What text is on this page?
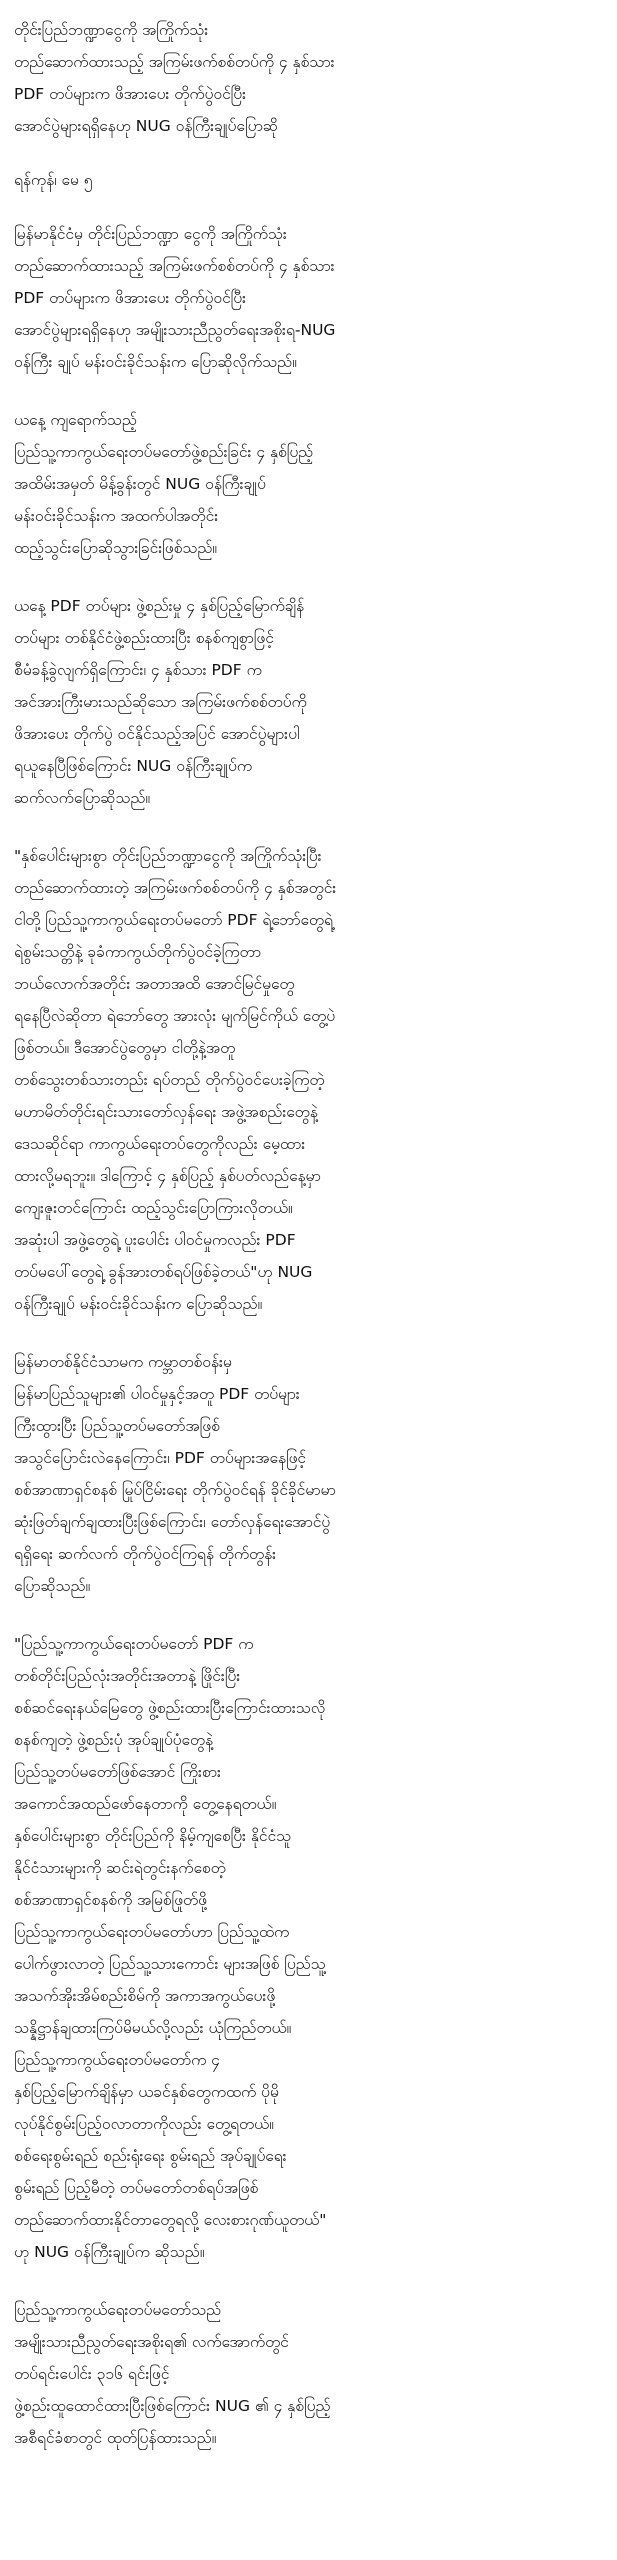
တိုင်းပြည်ဘဏ္ဍာငွေကို အကြိုက်သုံး
တည်ဆောက်ထားသည့် အကြမ်းဖက်စစ်တပ်ကို ၄ နှစ်သား
PDF တပ်များက ဖိအားပေး တိုက်ပွဲဝင်ပြီး
အောင်ပွဲများရရှိနေဟု NUG ဝန်ကြီးချုပ်ပြောဆို

ရန်ကုန်၊ မေ ၅

မြန်မာနိုင်ငံမှ တိုင်းပြည်ဘဏ္ဍာ ငွေကို အကြိုက်သုံး
တည်ဆောက်ထားသည့် အကြမ်းဖက်စစ်တပ်ကို ၄ နှစ်သား
PDF တပ်များက ဖိအားပေး တိုက်ပွဲဝင်ပြီး
အောင်ပွဲများရရှိနေဟု အမျိုးသားညီညွတ်ရေးအစိုးရ-NUG
ဝန်ကြီး ချုပ် မန်းဝင်းခိုင်သန်းက ပြောဆိုလိုက်သည်။

ယနေ့ ကျရောက်သည့်
ပြည်သူ့ကာကွယ်ရေးတပ်မတော်ဖွဲ့စည်းခြင်း ၄ နှစ်ပြည့်
အထိမ်းအမှတ် မိန့်ခွန်းတွင် NUG ဝန်ကြီးချုပ်
မန်းဝင်းခိုင်သန်းက အထက်ပါအတိုင်း
ထည့်သွင်းပြောဆိုသွားခြင်းဖြစ်သည်။

ယနေ့ PDF တပ်များ ဖွဲ့စည်းမှု ၄ နှစ်ပြည့်မြောက်ချိန်
တပ်များ တစ်နိုင်ငံဖွဲ့စည်းထားပြီး စနစ်ကျစွာဖြင့်
စီမံခန့်ခွဲလျက်ရှိကြောင်း၊ ၄ နှစ်သား PDF က
အင်အားကြီးမားသည်ဆိုသော အကြမ်းဖက်စစ်တပ်ကို
ဖိအားပေး တိုက်ပွဲ ဝင်နိုင်သည့်အပြင် အောင်ပွဲများပါ
ရယူနေပြီဖြစ်ကြောင်း NUG ဝန်ကြီးချုပ်က
ဆက်လက်ပြောဆိုသည်။

"နှစ်ပေါင်းများစွာ တိုင်းပြည်ဘဏ္ဍာငွေကို အကြိုက်သုံးပြီး
တည်ဆောက်ထားတဲ့ အကြမ်းဖက်စစ်တပ်ကို ၄ နှစ်အတွင်း
ငါတို့ ပြည်သူ့ကာကွယ်ရေးတပ်မတော် PDF ရဲ့ဘော်တွေရဲ့
ရဲစွမ်းသတ္တိနဲ့ ခုခံကာကွယ်တိုက်ပွဲဝင်ခဲ့ကြတာ
ဘယ်လောက်အတိုင်း အတာအထိ အောင်မြင်မှုတွေ
ရနေပြီလဲဆိုတာ ရဲဘော်တွေ အားလုံး မျက်မြင်ကိုယ် တွေ့ပဲ
ဖြစ်တယ်။ ဒီအောင်ပွဲတွေမှာ ငါတို့နဲ့အတူ
တစ်သွေးတစ်သားတည်း ရပ်တည် တိုက်ပွဲဝင်ပေးခဲ့ကြတဲ့
မဟာမိတ်တိုင်းရင်းသားတော်လှန်ရေး အဖွဲ့အစည်းတွေနဲ့
ဒေသဆိုင်ရာ ကာကွယ်ရေးတပ်တွေကိုလည်း မေ့ထား
ထားလို့မရဘူး။ ဒါကြောင့် ၄ နှစ်ပြည့် နှစ်ပတ်လည်နေ့မှာ
ကျေးဇူးတင်ကြောင်း ထည့်သွင်းပြောကြားလိုတယ်။
အဆုံးပါ အဖွဲ့တွေရဲ့ ပူးပေါင်း ပါဝင်မှုကလည်း PDF
တပ်မပေါ်တွေရဲ့ ခွန်အားတစ်ရပ်ဖြစ်ခဲ့တယ်"ဟု NUG
ဝန်ကြီးချုပ် မန်းဝင်းခိုင်သန်းက ပြောဆိုသည်။

မြန်မာတစ်နိုင်ငံသာမက ကမ္ဘာတစ်ဝန်းမှ
မြန်မာပြည်သူများ၏ ပါဝင်မှုနှင့်အတူ PDF တပ်များ
ကြီးထွားပြီး ပြည်သူ့တပ်မတော်အဖြစ်
အသွင်ပြောင်းလဲနေကြောင်း၊ PDF တပ်များအနေဖြင့်
စစ်အာဏာရှင်စနစ် မြုပ်ငြိမ်းရေး တိုက်ပွဲဝင်ရန် ခိုင်ခိုင်မာမာ
ဆုံးဖြတ်ချက်ချထားပြီးဖြစ်ကြောင်း၊ တော်လှန်ရေးအောင်ပွဲ
ရရှိရေး ဆက်လက် တိုက်ပွဲဝင်ကြရန် တိုက်တွန်း
ပြောဆိုသည်။

"ပြည်သူ့ကာကွယ်ရေးတပ်မတော် PDF က
တစ်တိုင်းပြည်လုံးအတိုင်းအတာနဲ့ ဖြိုင်းပြီး
စစ်ဆင်ရေးနယ်မြေတွေ ဖွဲ့စည်းထားပြီးကြောင်းထားသလို
စနစ်ကျတဲ့ ဖွဲ့စည်းပုံ အုပ်ချုပ်ပုံတွေနဲ့
ပြည်သူ့တပ်မတော်ဖြစ်အောင် ကြိုးစား
အကောင်အထည်ဖော်နေတာကို တွေ့နေရတယ်။
နှစ်ပေါင်းများစွာ တိုင်းပြည်ကို နိမ့်ကျစေပြီး နိုင်ငံသူ
နိုင်ငံသားများကို ဆင်းရဲတွင်းနက်စေတဲ့
စစ်အာဏာရှင်စနစ်ကို အမြစ်ဖြုတ်ဖို့
ပြည်သူ့ကာကွယ်ရေးတပ်မတော်ဟာ ပြည်သူ့ထဲက
ပေါက်ဖွားလာတဲ့ ပြည်သူ့သားကောင်း များအဖြစ် ပြည်သူ့
အသက်အိုးအိမ်စည်းစိမ်ကို အကာအကွယ်ပေးဖို့
သန္နိဋ္ဌာန်ချထားကြပ်မိမယ်လို့လည်း ယုံကြည်တယ်။
ပြည်သူ့ကာကွယ်ရေးတပ်မတော်က ၄
နှစ်ပြည့်မြောက်ချိန်မှာ ယခင်နှစ်တွေကထက် ပိုမို
လုပ်နိုင်စွမ်းပြည့်ဝလာတာကိုလည်း တွေ့ရတယ်။
စစ်ရေးစွမ်းရည် စည်းရုံးရေး စွမ်းရည် အုပ်ချုပ်ရေး
စွမ်းရည် ပြည့်မီတဲ့ တပ်မတော်တစ်ရပ်အဖြစ်
တည်ဆောက်ထားနိုင်တာတွေရလို့ လေးစားဂုဏ်ယူတယ်"
ဟု NUG ဝန်ကြီးချုပ်က ဆိုသည်။

ပြည်သူ့ကာကွယ်ရေးတပ်မတော်သည်
အမျိုးသားညီညွတ်ရေးအစိုးရ၏ လက်အောက်တွင်
တပ်ရင်းပေါင်း ၃၁၆ ရင်းဖြင့်
ဖွဲ့စည်းထူထောင်ထားပြီးဖြစ်ကြောင်း NUG ၏ ၄ နှစ်ပြည့်
အစီရင်ခံစာတွင် ထုတ်ပြန်ထားသည်။
